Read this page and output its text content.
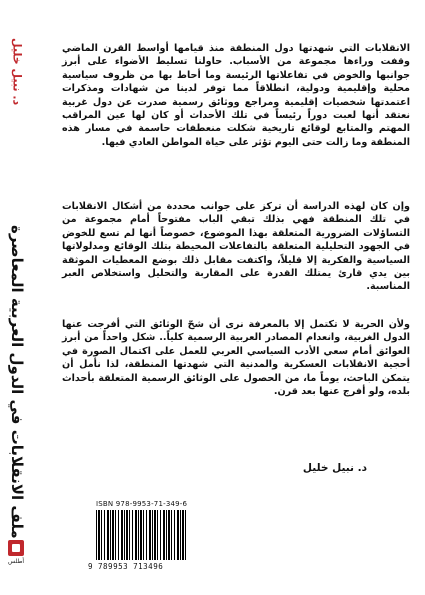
د. نبيل خليل
ملف الانقلابات في الدول العربية المعاصرة
أطلس

الانقلابات التي شهدتها دول المنطقة منذ قيامها أواسط القرن الماضي وقفت وراءها مجموعة من الأسباب. حاولنا تسليط الأضواء على أبرز جوانبها والخوض في تفاعلاتها الرئيسة وما أحاط بها من ظروف سياسية محلية وإقليمية ودولية، انطلاقاً مما توفر لدينا من شهادات ومذكرات اعتمدتها شخصيات إقليمية ومراجع ووثائق رسمية صدرت عن دول غربية نعتقد أنها لعبت دوراً رئيساً في تلك الأحداث أو كان لها عين المراقب المهتم والمتابع لوقائع تاريخية شكلت منعطفات حاسمة في مسار هذه المنطقة وما زالت حتى اليوم تؤثر على حياة المواطن العادي فيها.

وإن كان لهذه الدراسة أن تركز على جوانب محددة من أشكال الانقلابات في تلك المنطقة فهي بذلك تبقي الباب مفتوحاً أمام مجموعة من التساؤلات الضرورية المتعلقة بهذا الموضوع، خصوصاً أنها لم تسع للخوض في الجهود التحليلية المتعلقة بالتفاعلات المحيطة بتلك الوقائع ومدلولاتها السياسية والفكرية إلا قليلاً، واكتفت مقابل ذلك بوضع المعطيات الموثقة بين يدي قارئ يمتلك القدرة على المقاربة والتحليل واستخلاص العبر المناسبة.

ولأن الحرية لا تكتمل إلا بالمعرفة نرى أن شحّ الوثائق التي أفرجت عنها الدول الغربية، وانعدام المصادر العربية الرسمية كلياً.. شكل واحداً من أبرز العوائق أمام سعي الأدب السياسي العربي للعمل على اكتمال الصورة في أحجية الانقلابات العسكرية والمدنية التي شهدتها المنطقة، لذا نأمل أن يتمكن الباحث، يوماً ما، من الحصول على الوثائق الرسمية المتعلقة بأحداث بلده، ولو أفرج عنها بعد قرن.

د. نبيل خليل
ISBN 978-9953-71-349-6
9 789953 713496
